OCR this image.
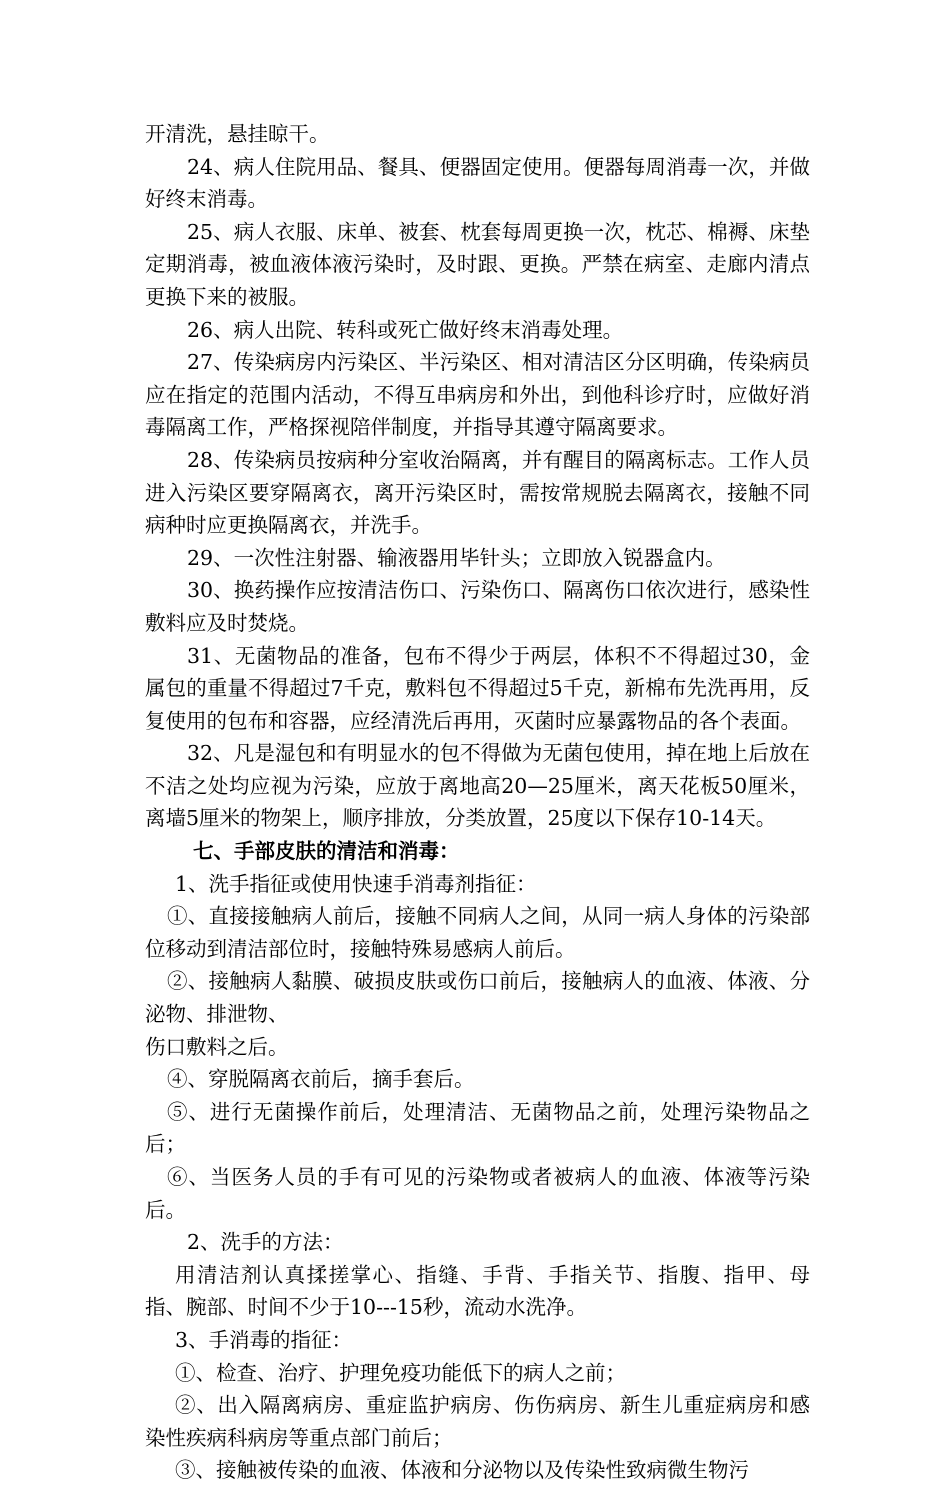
开清洗，悬挂晾干。

24、病人住院用品、餐具、便器固定使用。便器每周消毒一次，并做好终末消毒。

25、病人衣服、床单、被套、枕套每周更换一次，枕芯、棉褥、床垫定期消毒，被血液体液污染时，及时跟、更换。严禁在病室、走廊内清点更换下来的被服。

26、病人出院、转科或死亡做好终末消毒处理。

27、传染病房内污染区、半污染区、相对清洁区分区明确，传染病员应在指定的范围内活动，不得互串病房和外出，到他科诊疗时，应做好消毒隔离工作，严格探视陪伴制度，并指导其遵守隔离要求。

28、传染病员按病种分室收治隔离，并有醒目的隔离标志。工作人员进入污染区要穿隔离衣，离开污染区时，需按常规脱去隔离衣，接触不同病种时应更换隔离衣，并洗手。

29、一次性注射器、输液器用毕针头；立即放入锐器盒内。

30、换药操作应按清洁伤口、污染伤口、隔离伤口依次进行，感染性敷料应及时焚烧。

31、无菌物品的准备，包布不得少于两层，体积不不得超过30，金属包的重量不得超过7千克，敷料包不得超过5千克，新棉布先洗再用，反复使用的包布和容器，应经清洗后再用，灭菌时应暴露物品的各个表面。

32、凡是湿包和有明显水的包不得做为无菌包使用，掉在地上后放在不洁之处均应视为污染，应放于离地高20—25厘米，离天花板50厘米，离墙5厘米的物架上，顺序排放，分类放置，25度以下保存10-14天。

七、手部皮肤的清洁和消毒：

1、洗手指征或使用快速手消毒剂指征：

①、直接接触病人前后，接触不同病人之间，从同一病人身体的污染部位移动到清洁部位时，接触特殊易感病人前后。

②、接触病人黏膜、破损皮肤或伤口前后，接触病人的血液、体液、分泌物、排泄物、

伤口敷料之后。

④、穿脱隔离衣前后，摘手套后。

⑤、进行无菌操作前后，处理清洁、无菌物品之前，处理污染物品之后；

⑥、当医务人员的手有可见的污染物或者被病人的血液、体液等污染后。

2、洗手的方法：

用清洁剂认真揉搓掌心、指缝、手背、手指关节、指腹、指甲、母指、腕部、时间不少于10---15秒，流动水洗净。

3、手消毒的指征：

①、检查、治疗、护理免疫功能低下的病人之前；

②、出入隔离病房、重症监护病房、伤伤病房、新生儿重症病房和感染性疾病科病房等重点部门前后；

③、接触被传染的血液、体液和分泌物以及传染性致病微生物污
